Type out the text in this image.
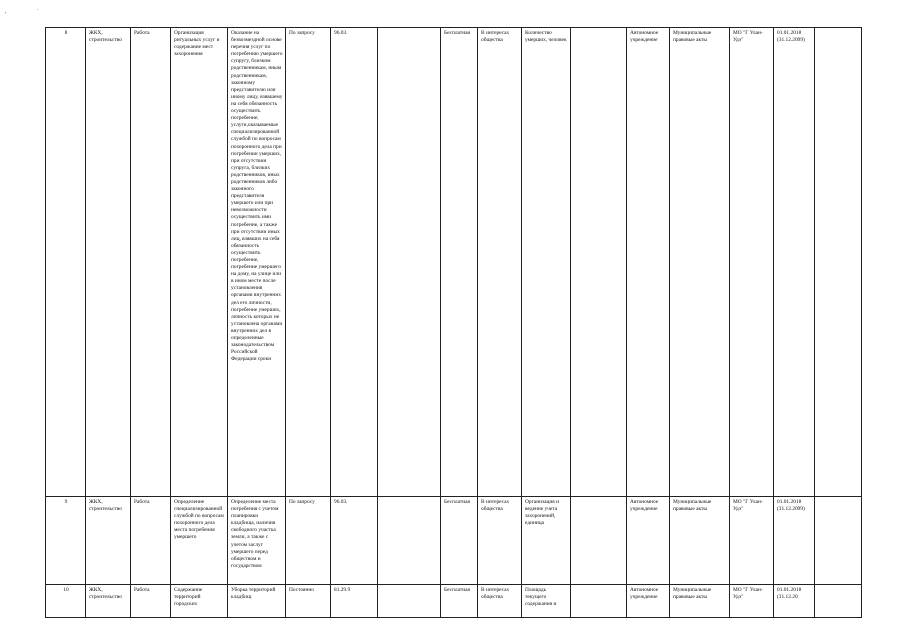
'
.
8	ЖКХ, строительство	Работа	Организация ритуальных услуг и содержание мест захоронения	Оказание на безвозмездной основе перечня услуг по погребению умершего супругу, близким родственникам, иным родственникам, законному представителю или иному лицу, взявшему на себя обязанность осуществить погребение; услуги,оказываемые специализированной службой по вопросам похоронного дела при погребении умерших, при отсутствии супруга, близких родственников, иных родственников либо законного представителя умершего или при невозможности осуществить ими погребение, а также при отсутствии иных лиц, взявших на себя обязанность осуществить погребение, погребение умершего на дому, на улице или в ином месте после установления органами внутренних дел его личности, погребение умерших, личность которых не установлена органами внутренних дел в определенные законодательством Российской Федерации сроки	По запросу	96.03.		Бесплатная	В интересах общества	Количество умерших, человек		Автономное учреждение	Муниципальные правовые акты	МО "Г Улан-Удэ"	01.01.2018 (31.12.2099)	
9	ЖКХ, строительство	Работа	Определение специализированной службой по вопросам похоронного дела места погребения умершего	Определение места погребения с учетом планировки кладбища, наличия свободного участка земли, а также с учетом заслуг умершего перед обществом и государством	По запросу	96.03.		Бесплатная	В интересах общества	Организация и ведение учета захоронений, единица		Автономное учреждение	Муниципальные правовые акты	МО "Г Улан-Удэ"	01.01.2018 (31.12.2099)	
10	ЖКХ, строительство	Работа	Содержание территорий городских	Уборка территорий кладбищ	Постоянно	81.29.9		Бесплатная	В интересах общества	Площадь текущего содержания и		Автономное учреждение	Муниципальные правовые акты	МО "Г Улан-Удэ"	01.01.2018 (31.12.20	
